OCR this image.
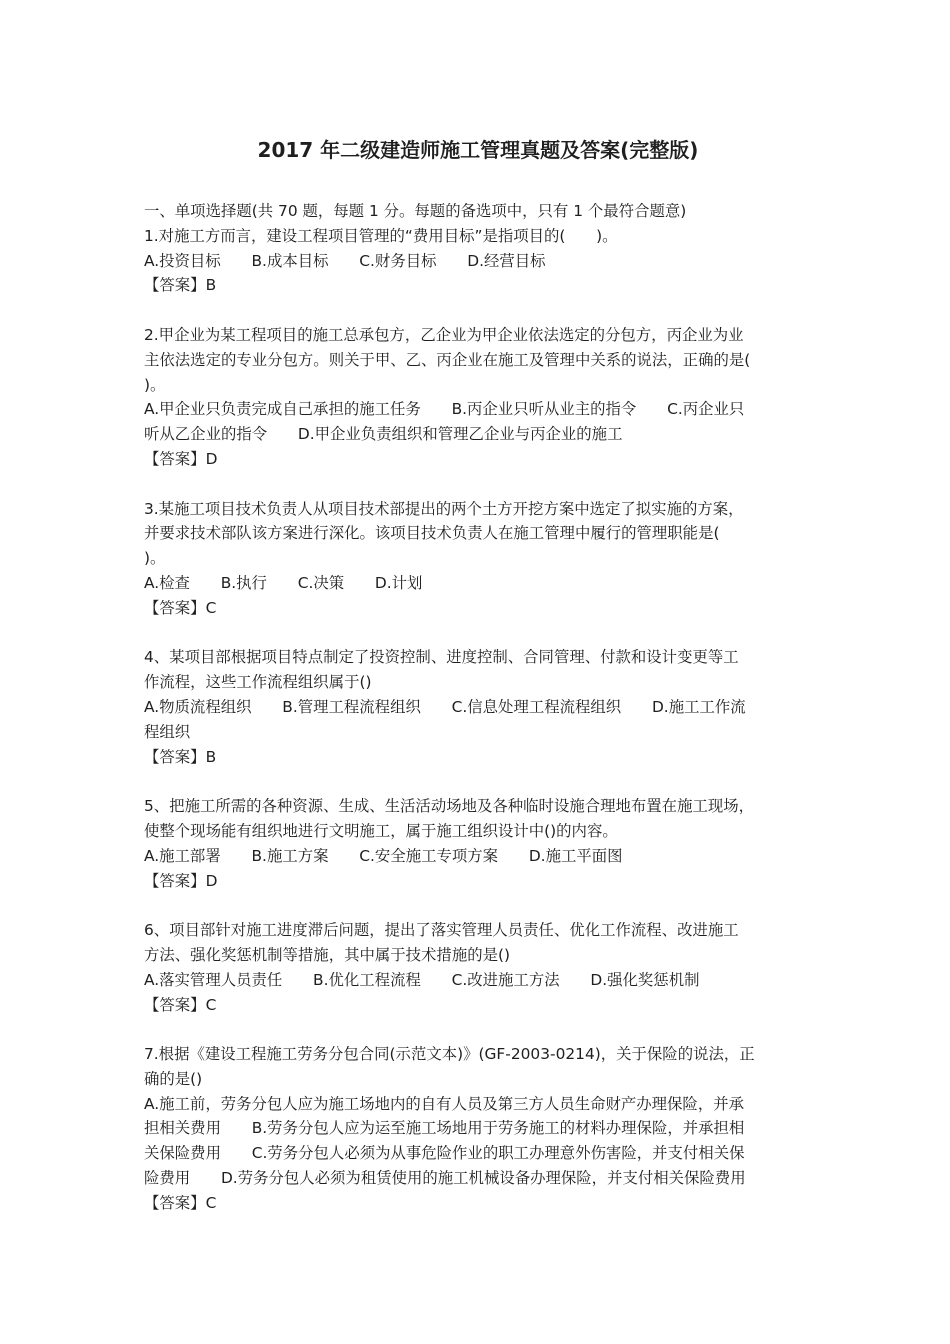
2017 年二级建造师施工管理真题及答案(完整版)
一、单项选择题(共 70 题，每题 1 分。每题的备选项中，只有 1 个最符合题意)
1.对施工方而言，建设工程项目管理的“费用目标”是指项目的(　　)。
A.投资目标　　B.成本目标　　C.财务目标　　D.经营目标
【答案】B
2.甲企业为某工程项目的施工总承包方，乙企业为甲企业依法选定的分包方，丙企业为业
主依法选定的专业分包方。则关于甲、乙、丙企业在施工及管理中关系的说法，正确的是(
)。
A.甲企业只负责完成自己承担的施工任务　　B.丙企业只听从业主的指令　　C.丙企业只
听从乙企业的指令　　D.甲企业负责组织和管理乙企业与丙企业的施工
【答案】D
3.某施工项目技术负责人从项目技术部提出的两个土方开挖方案中选定了拟实施的方案，
并要求技术部队该方案进行深化。该项目技术负责人在施工管理中履行的管理职能是(
)。
A.检查　　B.执行　　C.决策　　D.计划
【答案】C
4、某项目部根据项目特点制定了投资控制、进度控制、合同管理、付款和设计变更等工
作流程，这些工作流程组织属于()
A.物质流程组织　　B.管理工程流程组织　　C.信息处理工程流程组织　　D.施工工作流
程组织
【答案】B
5、把施工所需的各种资源、生成、生活活动场地及各种临时设施合理地布置在施工现场，
使整个现场能有组织地进行文明施工，属于施工组织设计中()的内容。
A.施工部署　　B.施工方案　　C.安全施工专项方案　　D.施工平面图
【答案】D
6、项目部针对施工进度滞后问题，提出了落实管理人员责任、优化工作流程、改进施工
方法、强化奖惩机制等措施，其中属于技术措施的是()
A.落实管理人员责任　　B.优化工程流程　　C.改进施工方法　　D.强化奖惩机制
【答案】C
7.根据《建设工程施工劳务分包合同(示范文本)》(GF-2003-0214)，关于保险的说法，正
确的是()
A.施工前，劳务分包人应为施工场地内的自有人员及第三方人员生命财产办理保险，并承
担相关费用　　B.劳务分包人应为运至施工场地用于劳务施工的材料办理保险，并承担相
关保险费用　　C.劳务分包人必须为从事危险作业的职工办理意外伤害险，并支付相关保
险费用　　D.劳务分包人必须为租赁使用的施工机械设备办理保险，并支付相关保险费用
【答案】C
